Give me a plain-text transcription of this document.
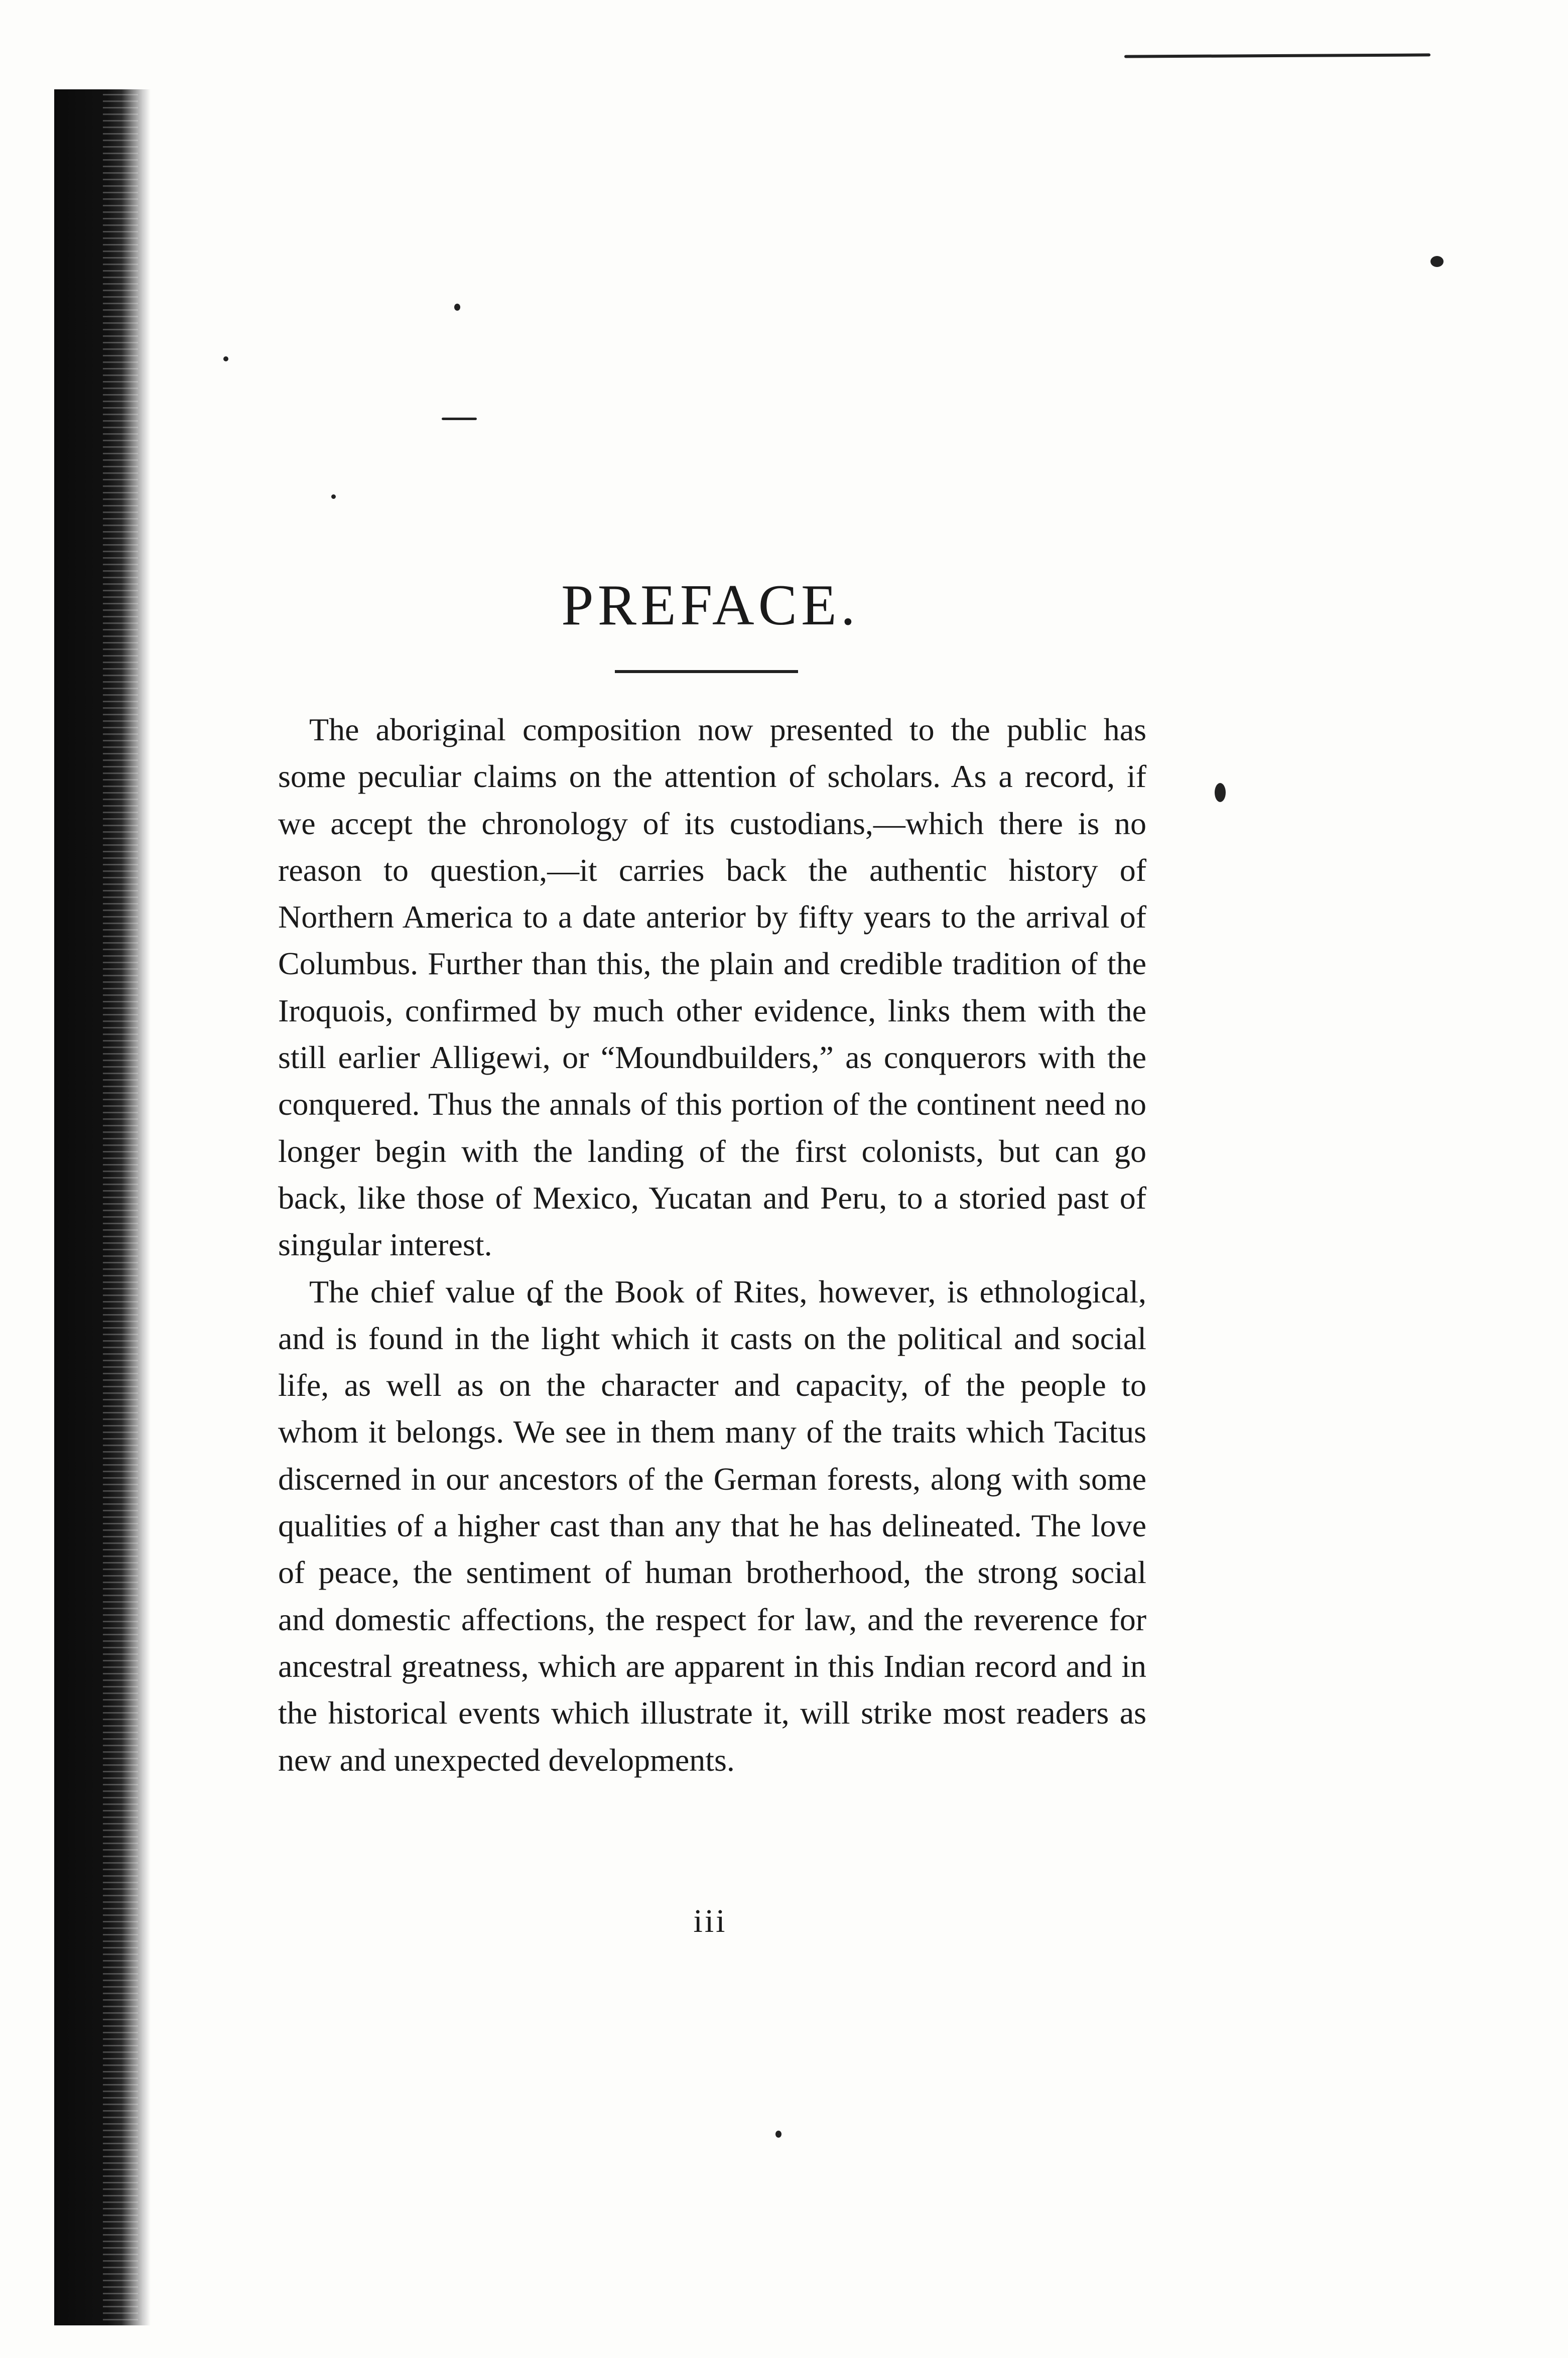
PREFACE.

The aboriginal composition now presented to the public has some peculiar claims on the attention of scholars. As a record, if we accept the chronology of its custodians,—which there is no reason to question,—it carries back the authentic history of Northern America to a date anterior by fifty years to the arrival of Columbus. Further than this, the plain and credible tradition of the Iroquois, confirmed by much other evidence, links them with the still earlier Alligewi, or “Moundbuilders,” as conquerors with the conquered. Thus the annals of this portion of the continent need no longer begin with the landing of the first colonists, but can go back, like those of Mexico, Yucatan and Peru, to a storied past of singular interest.

The chief value of the Book of Rites, however, is ethnological, and is found in the light which it casts on the political and social life, as well as on the character and capacity, of the people to whom it belongs. We see in them many of the traits which Tacitus discerned in our ancestors of the German forests, along with some qualities of a higher cast than any that he has delineated. The love of peace, the sentiment of human brotherhood, the strong social and domestic affections, the respect for law, and the reverence for ancestral greatness, which are apparent in this Indian record and in the historical events which illustrate it, will strike most readers as new and unexpected developments.

iii
